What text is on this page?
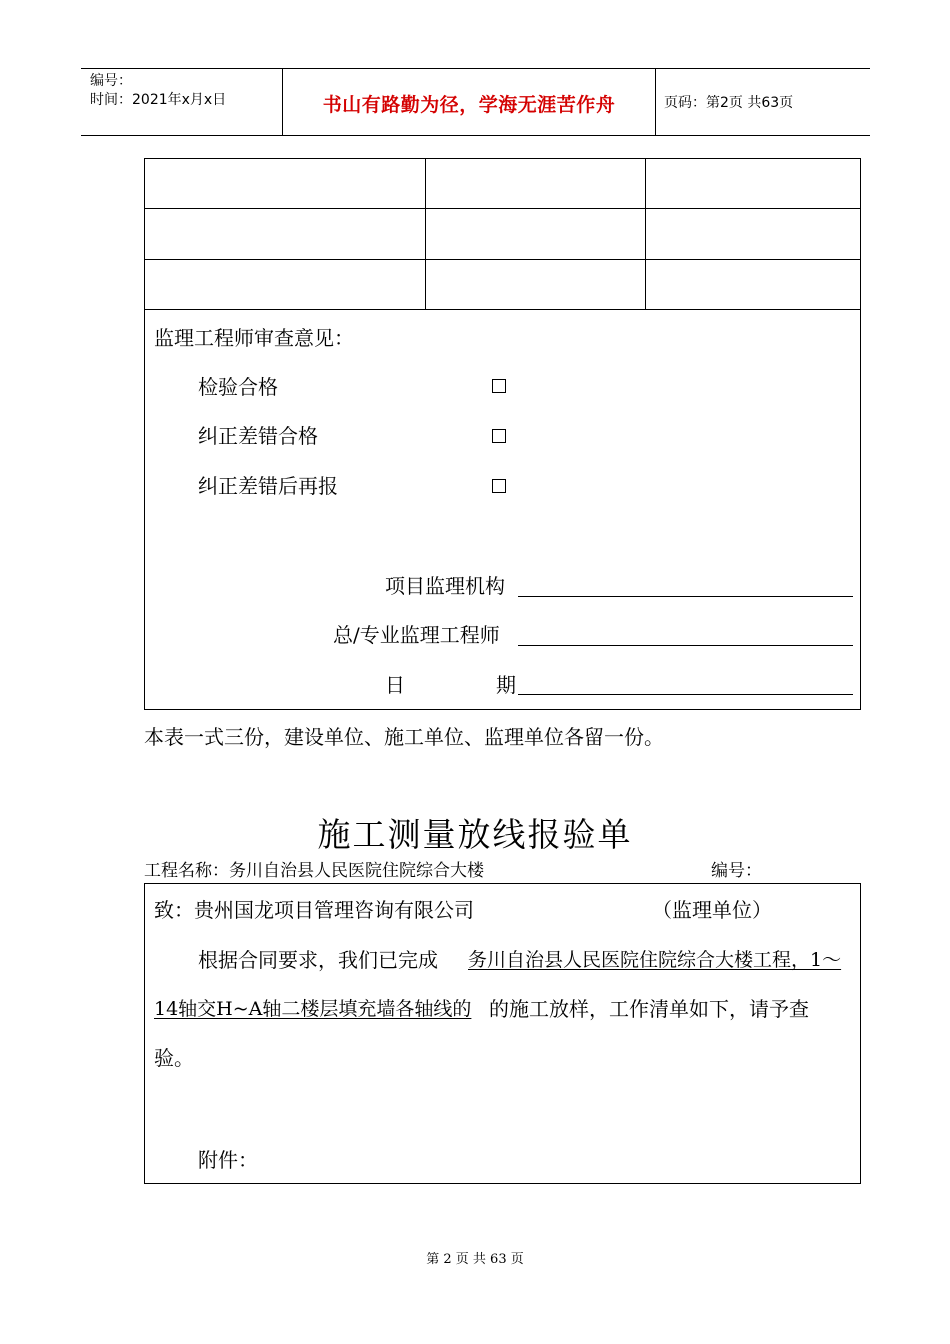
编号：
时间：2021年x月x日	书山有路勤为径，学海无涯苦作舟	页码：第2页 共63页
监理工程师审查意见：
检验合格
纠正差错合格
纠正差错后再报
项目监理机构
总/专业监理工程师
日	期
本表一式三份，建设单位、施工单位、监理单位各留一份。
施工测量放线报验单
工程名称：务川自治县人民医院住院综合大楼	编号：
致： 贵州国龙项目管理咨询有限公司	（监理单位）
根据合同要求，我们已完成 务川自治县人民医院住院综合大楼工程，1～
14轴交H~A轴二楼层填充墙各轴线的 的施工放样，工作清单如下，请予查
验。
附件：
第 2 页 共 63 页
